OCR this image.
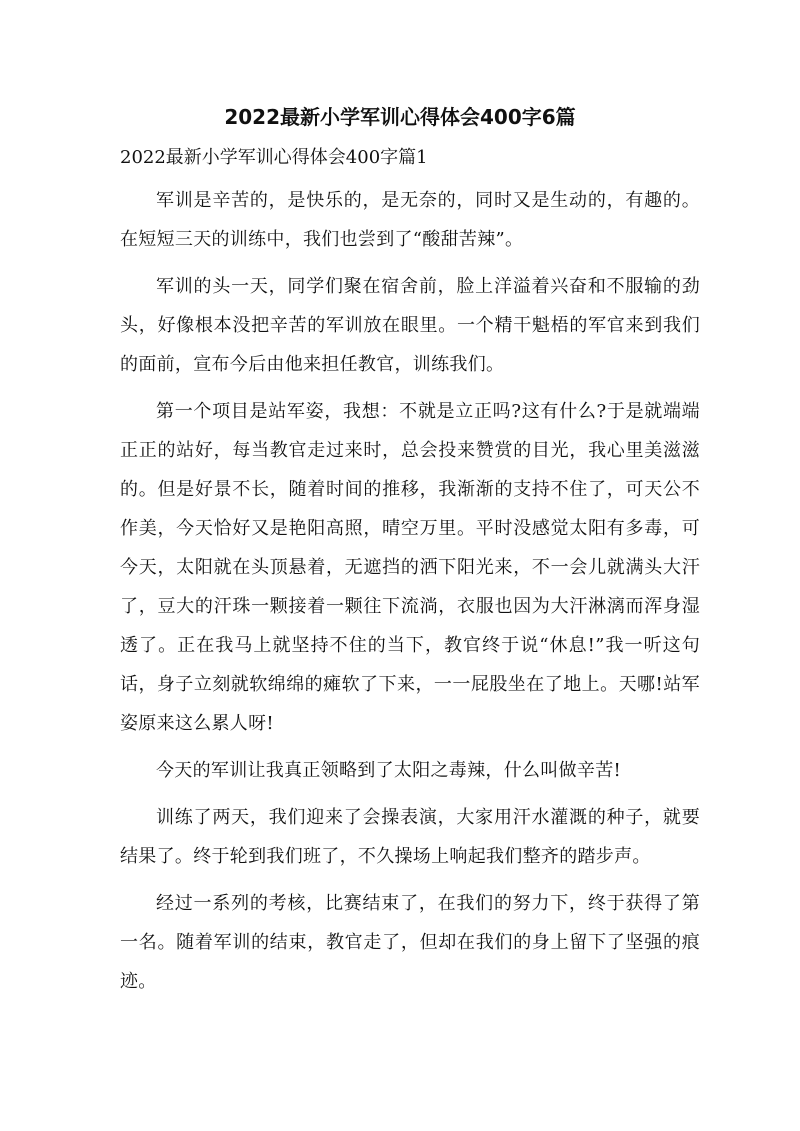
2022最新小学军训心得体会400字6篇

2022最新小学军训心得体会400字篇1

军训是辛苦的，是快乐的，是无奈的，同时又是生动的，有趣的。在短短三天的训练中，我们也尝到了“酸甜苦辣”。

军训的头一天，同学们聚在宿舍前，脸上洋溢着兴奋和不服输的劲头，好像根本没把辛苦的军训放在眼里。一个精干魁梧的军官来到我们的面前，宣布今后由他来担任教官，训练我们。

第一个项目是站军姿，我想：不就是立正吗?这有什么?于是就端端正正的站好，每当教官走过来时，总会投来赞赏的目光，我心里美滋滋的。但是好景不长，随着时间的推移，我渐渐的支持不住了，可天公不作美，今天恰好又是艳阳高照，晴空万里。平时没感觉太阳有多毒，可今天，太阳就在头顶悬着，无遮挡的洒下阳光来，不一会儿就满头大汗了，豆大的汗珠一颗接着一颗往下流淌，衣服也因为大汗淋漓而浑身湿透了。正在我马上就坚持不住的当下，教官终于说“休息!”我一听这句话，身子立刻就软绵绵的瘫软了下来，一一屁股坐在了地上。天哪!站军姿原来这么累人呀!

今天的军训让我真正领略到了太阳之毒辣，什么叫做辛苦!

训练了两天，我们迎来了会操表演，大家用汗水灌溉的种子，就要结果了。终于轮到我们班了，不久操场上响起我们整齐的踏步声。

经过一系列的考核，比赛结束了，在我们的努力下，终于获得了第一名。随着军训的结束，教官走了，但却在我们的身上留下了坚强的痕迹。
